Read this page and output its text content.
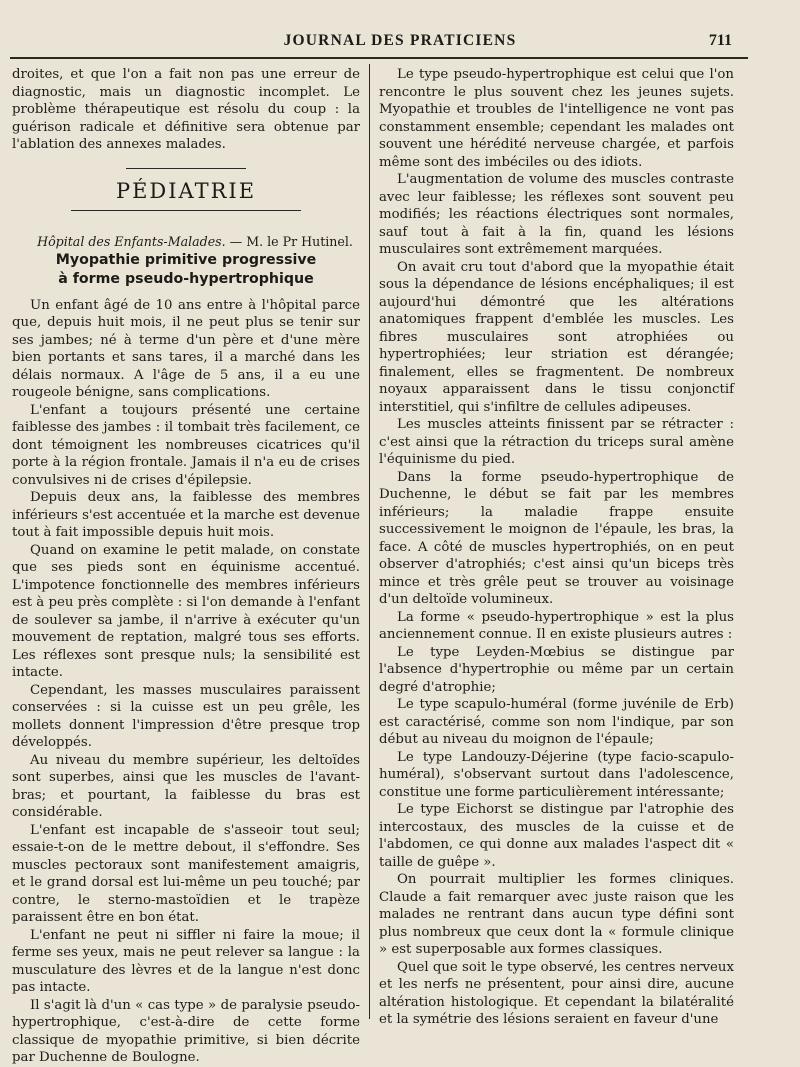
JOURNAL DES PRATICIENS	711

droites, et que l'on a fait non pas une erreur de diagnostic, mais un diagnostic incomplet. Le problème thérapeutique est résolu du coup : la guérison radicale et définitive sera obtenue par l'ablation des annexes malades.

PÉDIATRIE

Hôpital des Enfants-Malades. — M. le Pr Hutinel.

Myopathie primitive progressive
à forme pseudo-hypertrophique

Un enfant âgé de 10 ans entre à l'hôpital parce que, depuis huit mois, il ne peut plus se tenir sur ses jambes; né à terme d'un père et d'une mère bien portants et sans tares, il a marché dans les délais normaux. A l'âge de 5 ans, il a eu une rougeole bénigne, sans complications.

L'enfant a toujours présenté une certaine faiblesse des jambes : il tombait très facilement, ce dont témoignent les nombreuses cicatrices qu'il porte à la région frontale. Jamais il n'a eu de crises convulsives ni de crises d'épilepsie.

Depuis deux ans, la faiblesse des membres inférieurs s'est accentuée et la marche est devenue tout à fait impossible depuis huit mois.

Quand on examine le petit malade, on constate que ses pieds sont en équinisme accentué. L'impotence fonctionnelle des membres inférieurs est à peu près complète : si l'on demande à l'enfant de soulever sa jambe, il n'arrive à exécuter qu'un mouvement de reptation, malgré tous ses efforts. Les réflexes sont presque nuls; la sensibilité est intacte.

Cependant, les masses musculaires paraissent conservées : si la cuisse est un peu grêle, les mollets donnent l'impression d'être presque trop développés.

Au niveau du membre supérieur, les deltoïdes sont superbes, ainsi que les muscles de l'avant-bras; et pourtant, la faiblesse du bras est considérable.

L'enfant est incapable de s'asseoir tout seul; essaie-t-on de le mettre debout, il s'effondre. Ses muscles pectoraux sont manifestement amaigris, et le grand dorsal est lui-même un peu touché; par contre, le sterno-mastoïdien et le trapèze paraissent être en bon état.

L'enfant ne peut ni siffler ni faire la moue; il ferme ses yeux, mais ne peut relever sa langue : la musculature des lèvres et de la langue n'est donc pas intacte.

Il s'agit là d'un « cas type » de paralysie pseudo-hypertrophique, c'est-à-dire de cette forme classique de myopathie primitive, si bien décrite par Duchenne de Boulogne.

Le type pseudo-hypertrophique est celui que l'on rencontre le plus souvent chez les jeunes sujets. Myopathie et troubles de l'intelligence ne vont pas constamment ensemble; cependant les malades ont souvent une hérédité nerveuse chargée, et parfois même sont des imbéciles ou des idiots.

L'augmentation de volume des muscles contraste avec leur faiblesse; les réflexes sont souvent peu modifiés; les réactions électriques sont normales, sauf tout à fait à la fin, quand les lésions musculaires sont extrêmement marquées.

On avait cru tout d'abord que la myopathie était sous la dépendance de lésions encéphaliques; il est aujourd'hui démontré que les altérations anatomiques frappent d'emblée les muscles. Les fibres musculaires sont atrophiées ou hypertrophiées; leur striation est dérangée; finalement, elles se fragmentent. De nombreux noyaux apparaissent dans le tissu conjonctif interstitiel, qui s'infiltre de cellules adipeuses.

Les muscles atteints finissent par se rétracter : c'est ainsi que la rétraction du triceps sural amène l'équinisme du pied.

Dans la forme pseudo-hypertrophique de Duchenne, le début se fait par les membres inférieurs; la maladie frappe ensuite successivement le moignon de l'épaule, les bras, la face. A côté de muscles hypertrophiés, on en peut observer d'atrophiés; c'est ainsi qu'un biceps très mince et très grêle peut se trouver au voisinage d'un deltoïde volumineux.

La forme « pseudo-hypertrophique » est la plus anciennement connue. Il en existe plusieurs autres :

Le type Leyden-Mœbius se distingue par l'absence d'hypertrophie ou même par un certain degré d'atrophie;

Le type scapulo-huméral (forme juvénile de Erb) est caractérisé, comme son nom l'indique, par son début au niveau du moignon de l'épaule;

Le type Landouzy-Déjerine (type facio-scapulo-huméral), s'observant surtout dans l'adolescence, constitue une forme particulièrement intéressante;

Le type Eichorst se distingue par l'atrophie des intercostaux, des muscles de la cuisse et de l'abdomen, ce qui donne aux malades l'aspect dit « taille de guêpe ».

On pourrait multiplier les formes cliniques. Claude a fait remarquer avec juste raison que les malades ne rentrant dans aucun type défini sont plus nombreux que ceux dont la « formule clinique » est superposable aux formes classiques.

Quel que soit le type observé, les centres nerveux et les nerfs ne présentent, pour ainsi dire, aucune altération histologique. Et cependant la bilatéralité et la symétrie des lésions seraient en faveur d'une
